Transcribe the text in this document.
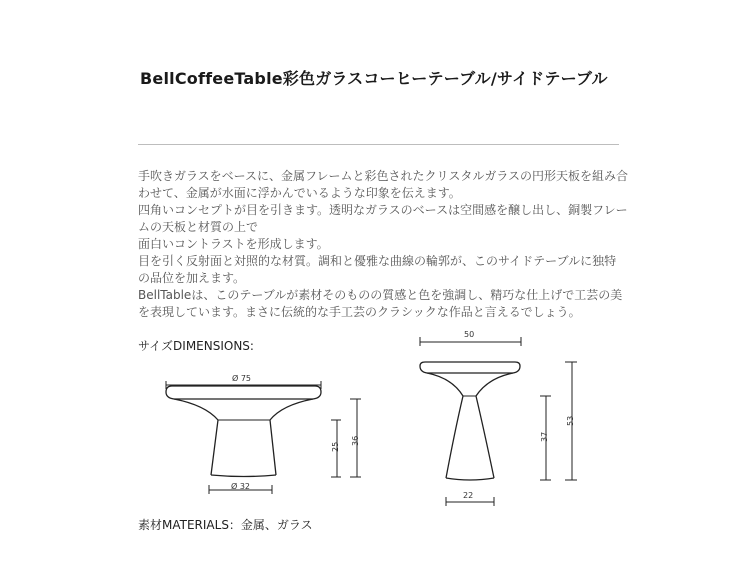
BellCoffeeTable彩色ガラスコーヒーテーブル/サイドテーブル

手吹きガラスをベースに、金属フレームと彩色されたクリスタルガラスの円形天板を組み合わせて、金属が水面に浮かんでいるような印象を伝えます。

四角いコンセプトが目を引きます。透明なガラスのベースは空間感を醸し出し、銅製フレームの天板と材質の上で

面白いコントラストを形成します。

目を引く反射面と対照的な材質。調和と優雅な曲線の輪郭が、このサイドテーブルに独特の品位を加えます。

BellTableは、このテーブルが素材そのものの質感と色を強調し、精巧な仕上げで工芸の美を表現しています。まさに伝統的な手工芸のクラシックな作品と言えるでしょう。

サイズDIMENSIONS:
Ø 75
Ø 32
36
25
50
22
53
37
素材MATERIALS：金属、ガラス
